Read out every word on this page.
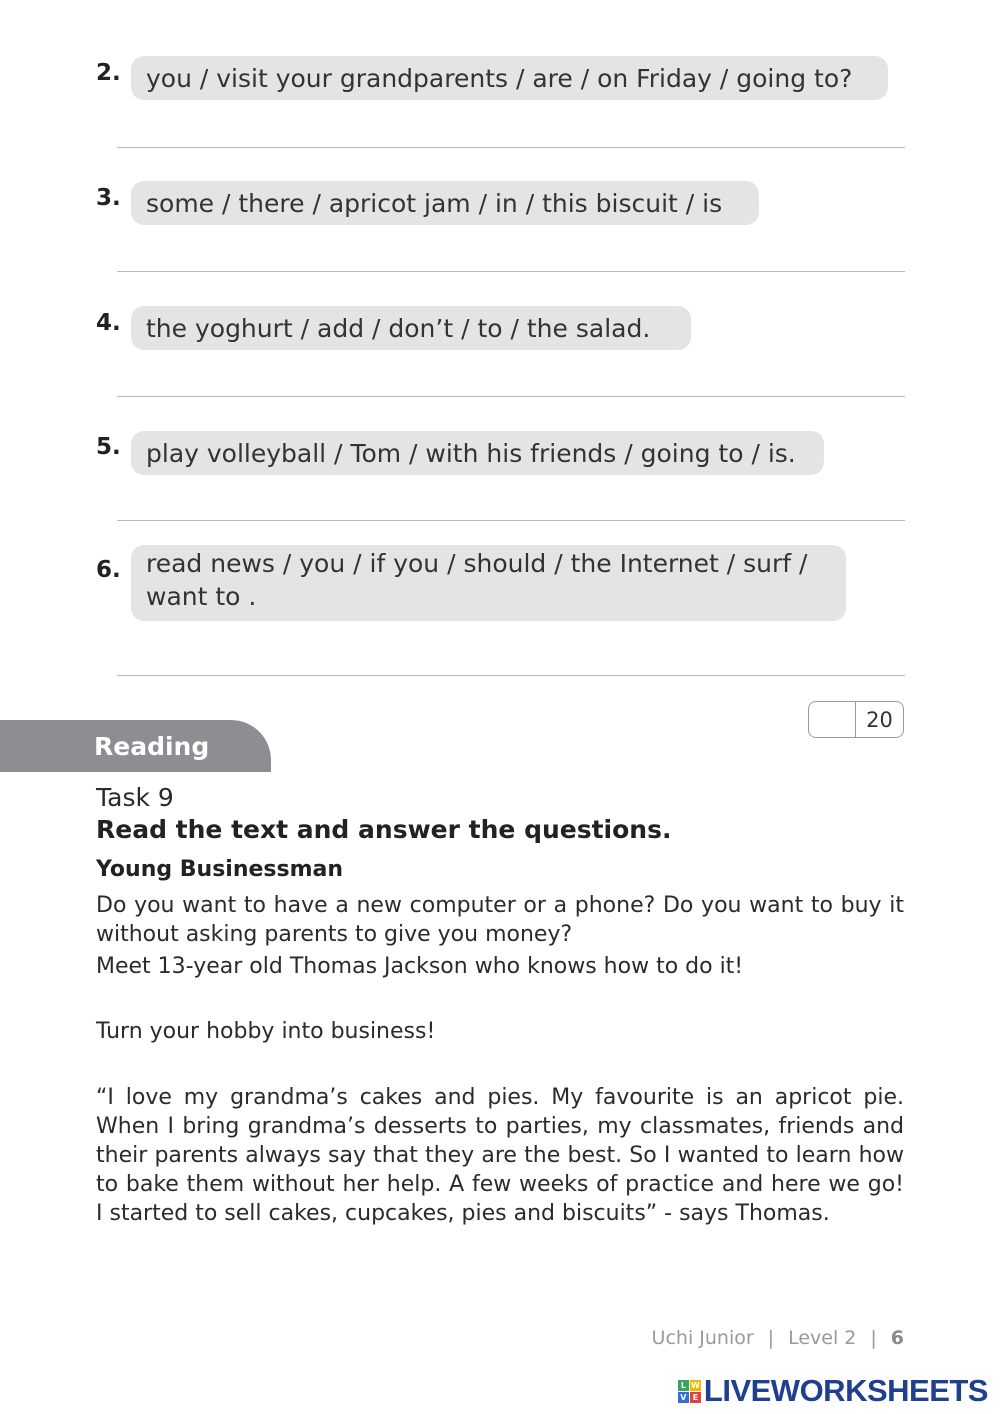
2.	you / visit your grandparents / are / on Friday / going to?
3.	some / there / apricot jam / in / this biscuit / is
4.	the yoghurt / add / don’t / to / the salad.
5.	play volleyball / Tom / with his friends / going to / is.
6. read news / you / if you / should / the Internet / surf /
want to .
20
Reading
Task 9
Read the text and answer the questions.
Young Businessman

Do you want to have a new computer or a phone? Do you want to buy it without asking parents to give you money?

Meet 13-year old Thomas Jackson who knows how to do it!

Turn your hobby into business!

“I love my grandma’s cakes and pies. My favourite is an apricot pie. When I bring grandma’s desserts to parties, my classmates, friends and their parents always say that they are the best. So I wanted to learn how to bake them without her help. A few weeks of practice and here we go! I started to sell cakes, cupcakes, pies and biscuits” - says Thomas.

Uchi Junior | Level 2 | 6
L W
V E LIVEWORKSHEETS
